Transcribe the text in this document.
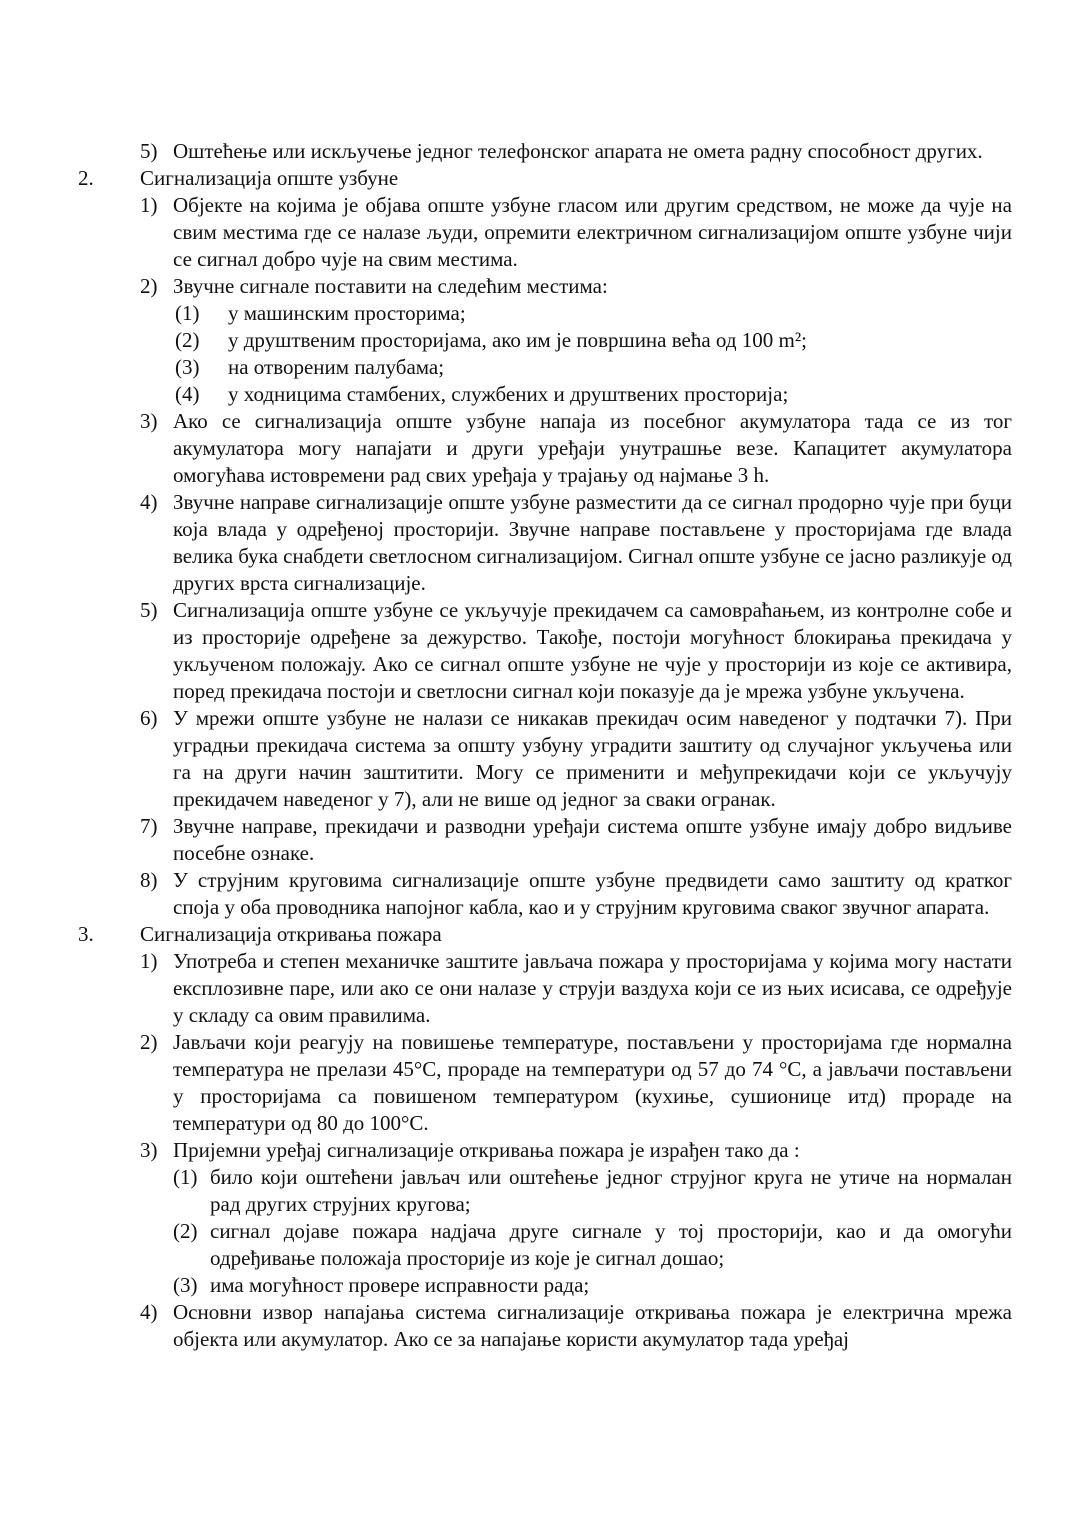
5) Оштећење или искључење једног телефонског апарата не омета радну способност других.
2. Сигнализација опште узбуне
1) Објекте на којима је објава опште узбуне гласом или другим средством, не може да чује на свим местима где се налазе људи, опремити електричном сигнализацијом опште узбуне чији се сигнал добро чује на свим местима.
2) Звучне сигнале поставити на следећим местима:
(1) у машинским просторима;
(2) у друштвеним просторијама, ако им је површина већа од 100 m²;
(3) на отвореним палубама;
(4) у ходницима стамбених, службених и друштвених просторија;
3) Ако се сигнализација опште узбуне напаја из посебног акумулатора тада се из тог акумулатора могу напајати и други уређаји унутрашње везе. Капацитет акумулатора омогућава истовремени рад свих уређаја у трајању од најмање 3 h.
4) Звучне направе сигнализације опште узбуне разместити да се сигнал продорно чује при буци која влада у одређеној просторији. Звучне направе постављене у просторијама где влада велика бука снабдети светлосном сигнализацијом. Сигнал опште узбуне се јасно разликује од других врста сигнализације.
5) Сигнализација опште узбуне се укључује прекидачем са самовраћањем, из контролне собе и из просторије одређене за дежурство. Такође, постоји могућност блокирања прекидача у укљученом положају. Ако се сигнал опште узбуне не чује у просторији из које се активира, поред прекидача постоји и светлосни сигнал који показује да је мрежа узбуне укључена.
6) У мрежи опште узбуне не налази се никакав прекидач осим наведеног у подтачки 7). При уградњи прекидача система за општу узбуну уградити заштиту од случајног укључења или га на други начин заштитити. Могу се применити и међупрекидачи који се укључују прекидачем наведеног у 7), али не више од једног за сваки огранак.
7) Звучне направе, прекидачи и разводни уређаји система опште узбуне имају добро видљиве посебне ознаке.
8) У струјним круговима сигнализације опште узбуне предвидети само заштиту од кратког споја у оба проводника напојног кабла, као и у струјним круговима сваког звучног апарата.
3. Сигнализација откривања пожара
1) Употреба и степен механичке заштите јављача пожара у просторијама у којима могу настати експлозивне паре, или ако се они налазе у струји ваздуха који се из њих исисава, се одређује у складу са овим правилима.
2) Јављачи који реагују на повишење температуре, постављени у просторијама где нормална температура не прелази 45°C, прораде на температури од 57 до 74 °C, а јављачи постављени у просторијама са повишеном температуром (кухиње, сушионице итд) прораде на температури од 80 до 100°C.
3) Пријемни уређај сигнализације откривања пожара је израђен тако да :
(1) било који оштећени јављач или оштећење једног струјног круга не утиче на нормалан рад других струјних кругова;
(2) сигнал дојаве пожара надјача друге сигнале у тој просторији, као и да омогући одређивање положаја просторије из које је сигнал дошао;
(3) има могућност провере исправности рада;
4) Основни извор напајања система сигнализације откривања пожара је електрична мрежа објекта или акумулатор. Ако се за напајање користи акумулатор тада уређај
